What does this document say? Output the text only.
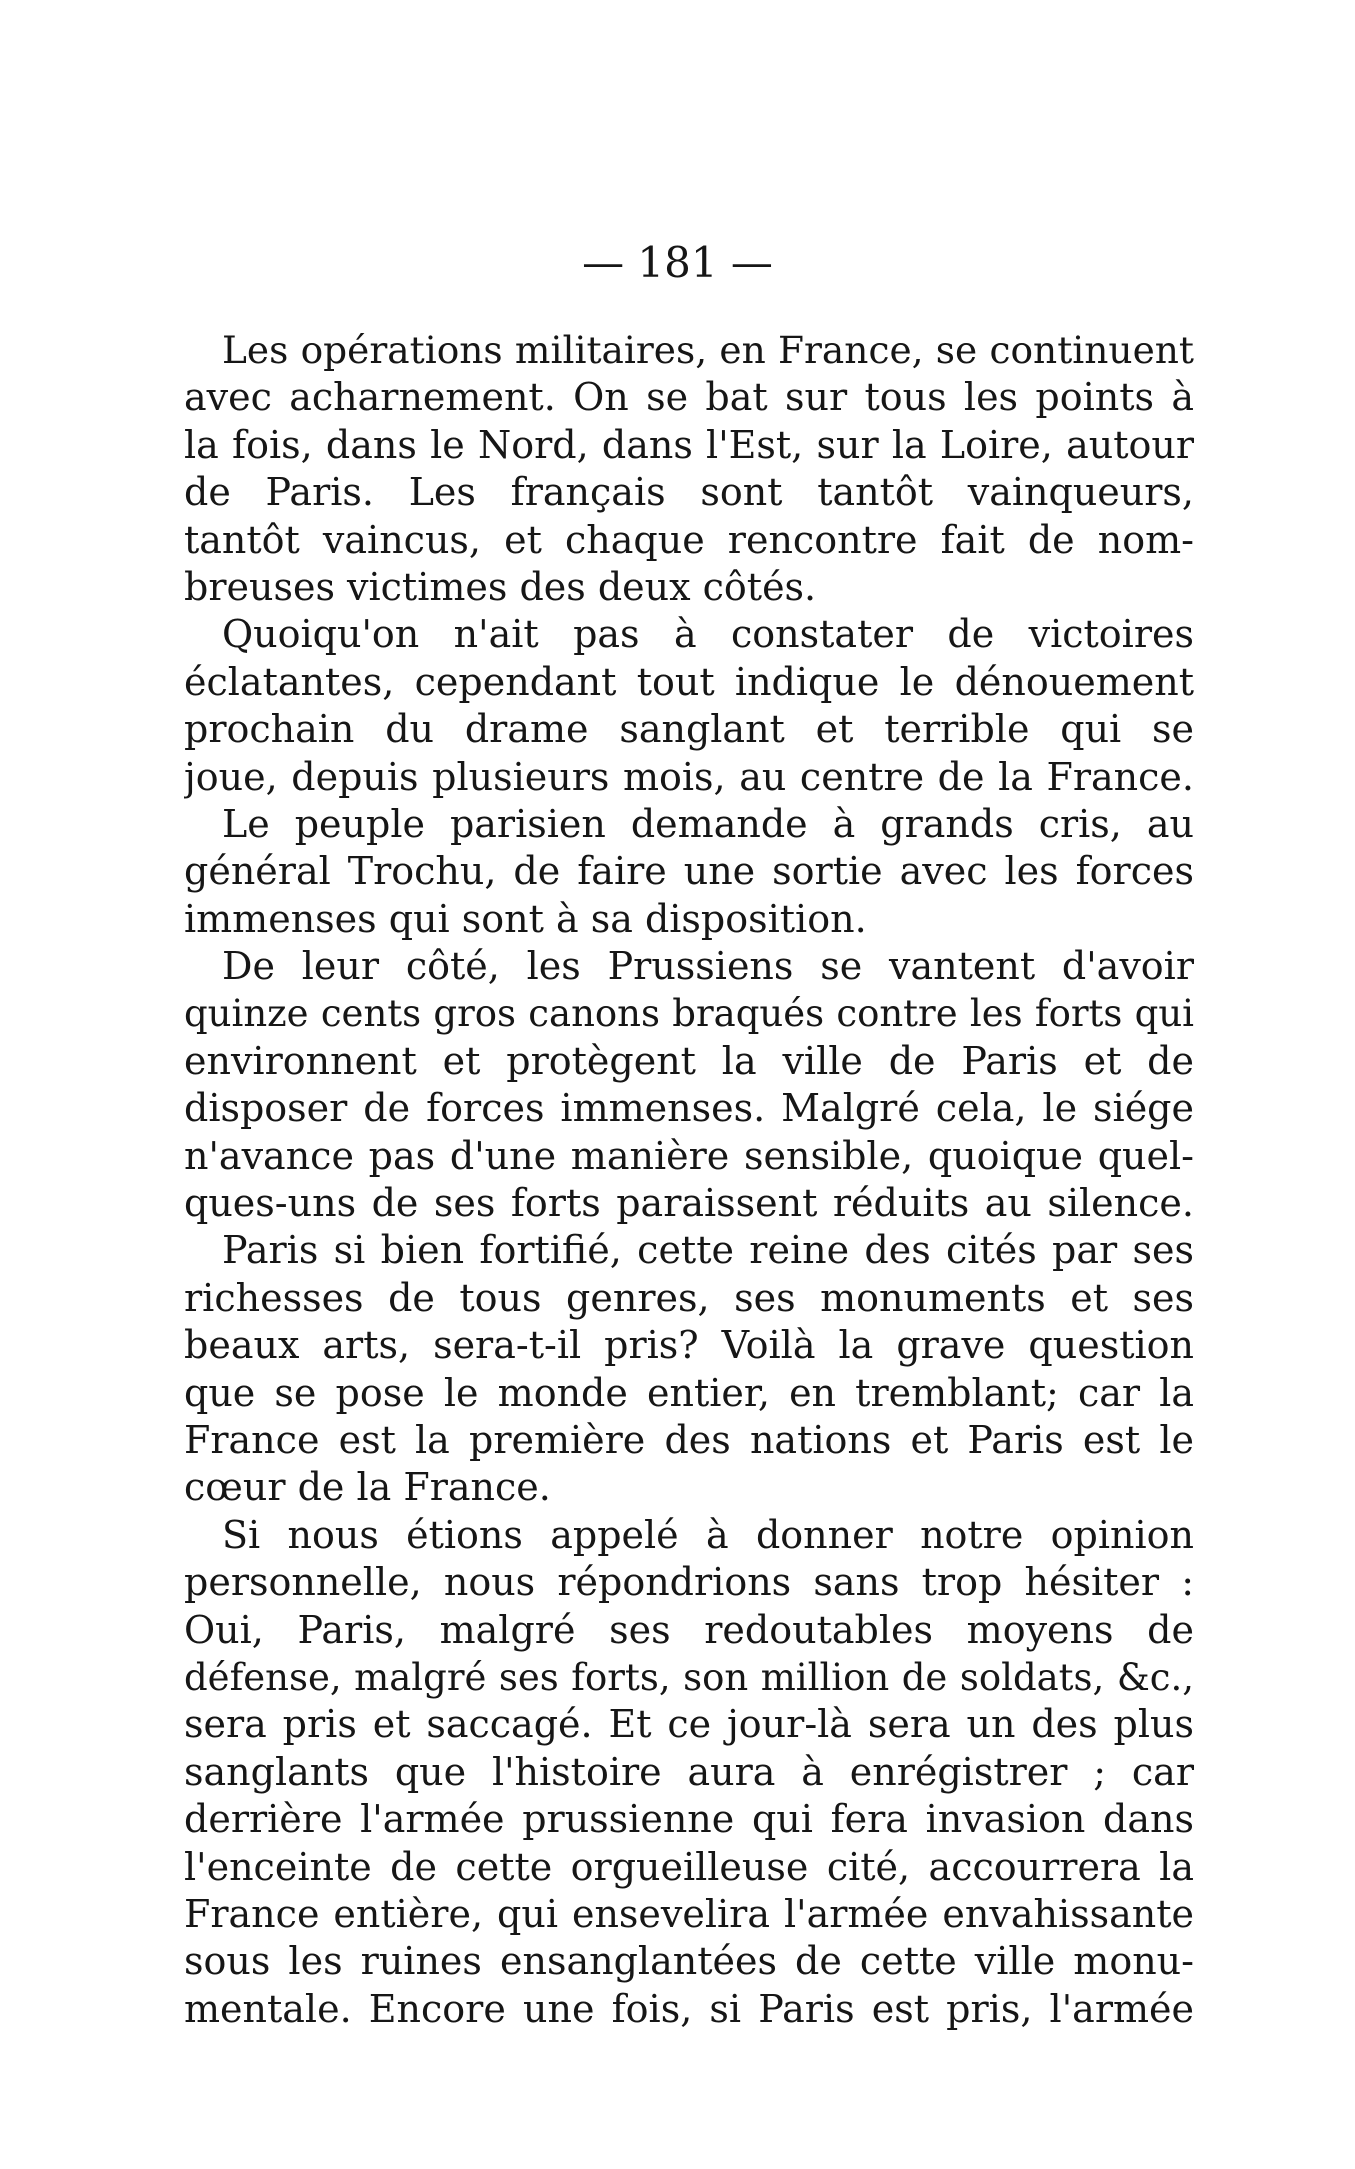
— 181 —
Les opérations militaires, en France, se continuent
avec acharnement. On se bat sur tous les points à
la fois, dans le Nord, dans l'Est, sur la Loire, autour
de Paris. Les français sont tantôt vainqueurs,
tantôt vaincus, et chaque rencontre fait de nom-
breuses victimes des deux côtés.
Quoiqu'on n'ait pas à constater de victoires
éclatantes, cependant tout indique le dénouement
prochain du drame sanglant et terrible qui se
joue, depuis plusieurs mois, au centre de la France.
Le peuple parisien demande à grands cris, au
général Trochu, de faire une sortie avec les forces
immenses qui sont à sa disposition.
De leur côté, les Prussiens se vantent d'avoir
quinze cents gros canons braqués contre les forts qui
environnent et protègent la ville de Paris et de
disposer de forces immenses. Malgré cela, le siége
n'avance pas d'une manière sensible, quoique quel-
ques-uns de ses forts paraissent réduits au silence.
Paris si bien fortifié, cette reine des cités par ses
richesses de tous genres, ses monuments et ses
beaux arts, sera-t-il pris? Voilà la grave question
que se pose le monde entier, en tremblant; car la
France est la première des nations et Paris est le
cœur de la France.
Si nous étions appelé à donner notre opinion
personnelle, nous répondrions sans trop hésiter :
Oui, Paris, malgré ses redoutables moyens de
défense, malgré ses forts, son million de soldats, &c.,
sera pris et saccagé. Et ce jour-là sera un des plus
sanglants que l'histoire aura à enrégistrer ; car
derrière l'armée prussienne qui fera invasion dans
l'enceinte de cette orgueilleuse cité, accourrera la
France entière, qui ensevelira l'armée envahissante
sous les ruines ensanglantées de cette ville monu-
mentale. Encore une fois, si Paris est pris, l'armée
